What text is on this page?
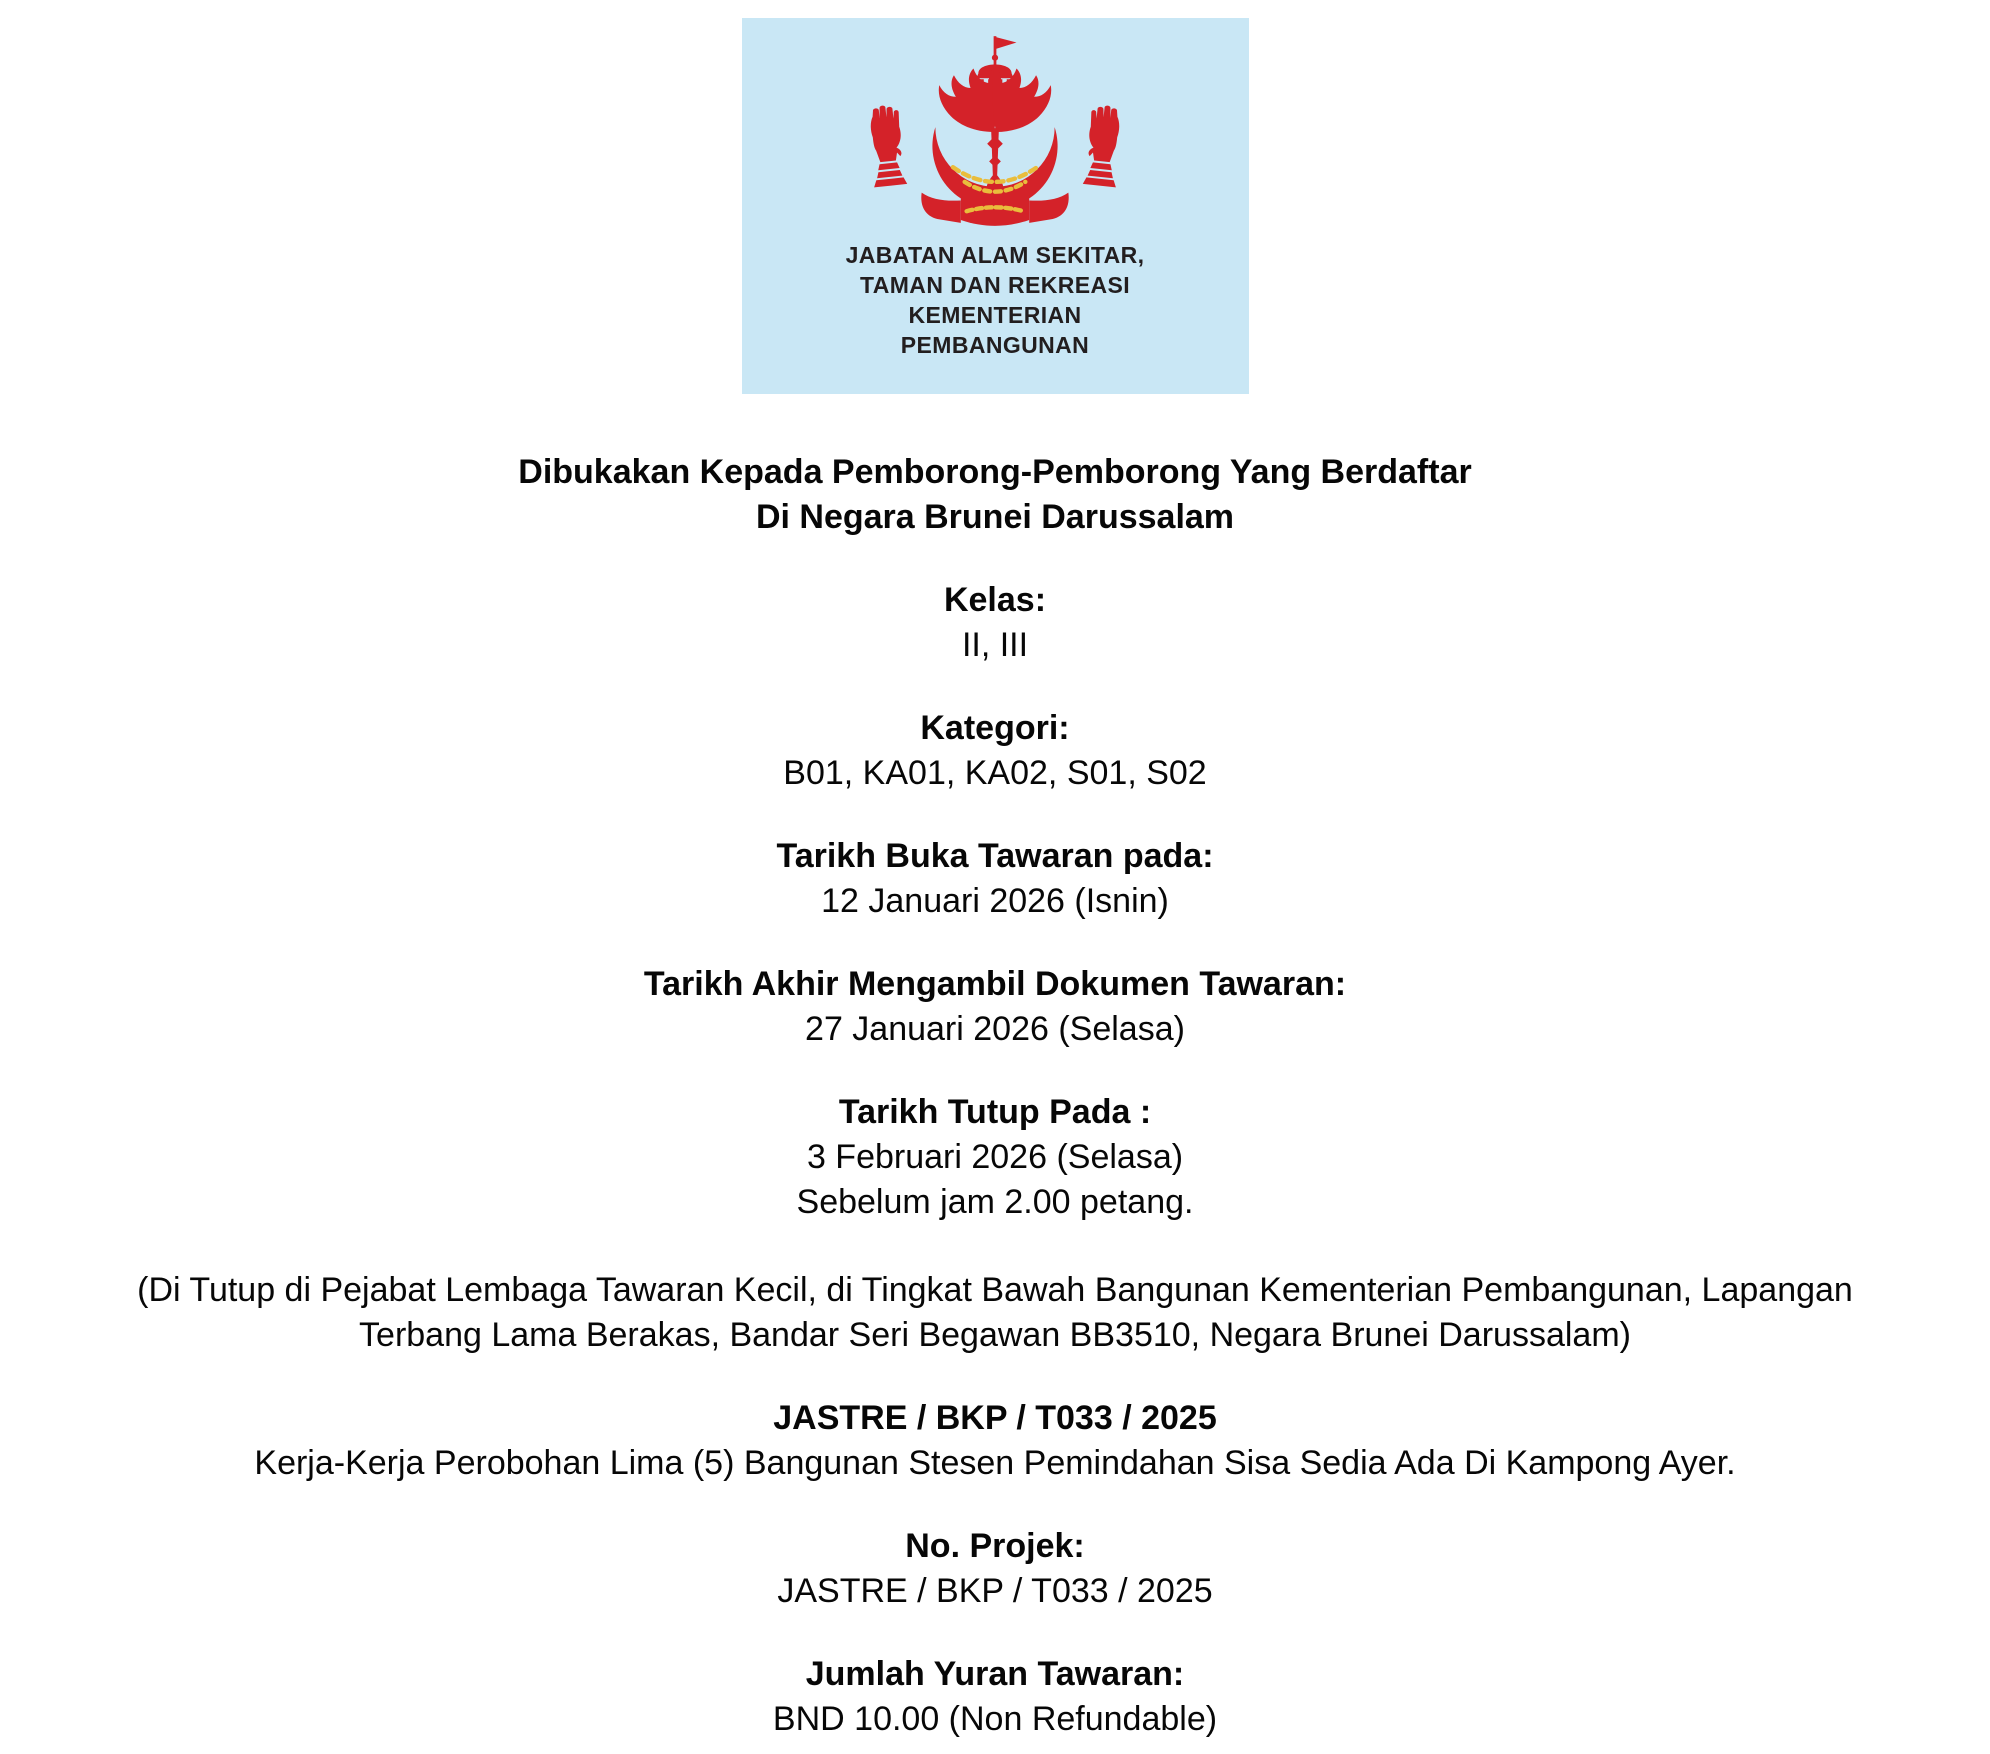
JABATAN ALAM SEKITAR,
TAMAN DAN REKREASI
KEMENTERIAN
PEMBANGUNAN
Dibukakan Kepada Pemborong-Pemborong Yang Berdaftar
Di Negara Brunei Darussalam
Kelas:
II, III
Kategori:
B01, KA01, KA02, S01, S02
Tarikh Buka Tawaran pada:
12 Januari 2026 (Isnin)
Tarikh Akhir Mengambil Dokumen Tawaran:
27 Januari 2026 (Selasa)
Tarikh Tutup Pada :
3 Februari 2026 (Selasa)
Sebelum jam 2.00 petang.
(Di Tutup di Pejabat Lembaga Tawaran Kecil, di Tingkat Bawah Bangunan Kementerian Pembangunan, Lapangan
Terbang Lama Berakas, Bandar Seri Begawan BB3510, Negara Brunei Darussalam)
JASTRE / BKP / T033 / 2025
Kerja-Kerja Perobohan Lima (5) Bangunan Stesen Pemindahan Sisa Sedia Ada Di Kampong Ayer.
No. Projek:
JASTRE / BKP / T033 / 2025
Jumlah Yuran Tawaran:
BND 10.00 (Non Refundable)
